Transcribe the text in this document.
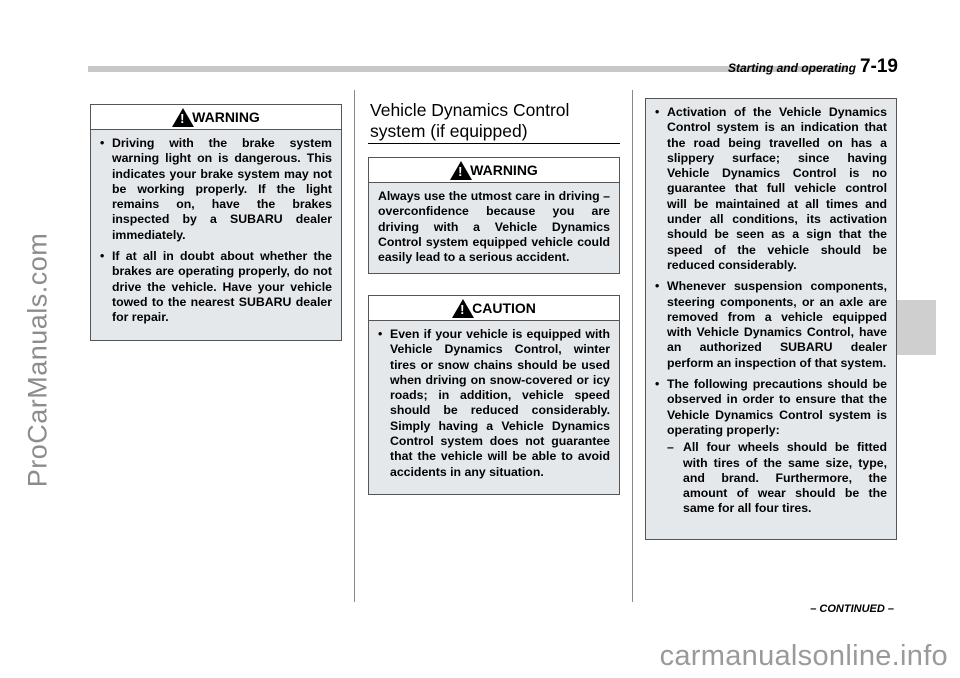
ProCarManuals.com
Starting and operating 7-19
!
WARNING
• Driving with the brake system warning light on is dangerous. This indicates your brake system may not be working properly. If the light remains on, have the brakes inspected by a SUBARU dealer immediately.
• If at all in doubt about whether the brakes are operating properly, do not drive the vehicle. Have your vehicle towed to the nearest SUBARU dealer for repair.
Vehicle Dynamics Control system (if equipped)
!
WARNING
Always use the utmost care in driving – overconfidence because you are driving with a Vehicle Dynamics Control system equipped vehicle could easily lead to a serious accident.
!
CAUTION
• Even if your vehicle is equipped with Vehicle Dynamics Control, winter tires or snow chains should be used when driving on snow-covered or icy roads; in addition, vehicle speed should be reduced considerably. Simply having a Vehicle Dynamics Control system does not guarantee that the vehicle will be able to avoid accidents in any situation.
• Activation of the Vehicle Dynamics Control system is an indication that the road being travelled on has a slippery surface; since having Vehicle Dynamics Control is no guarantee that full vehicle control will be maintained at all times and under all conditions, its activation should be seen as a sign that the speed of the vehicle should be reduced considerably.
• Whenever suspension components, steering components, or an axle are removed from a vehicle equipped with Vehicle Dynamics Control, have an authorized SUBARU dealer perform an inspection of that system.
• The following precautions should be observed in order to ensure that the Vehicle Dynamics Control system is operating properly:
– All four wheels should be fitted with tires of the same size, type, and brand. Furthermore, the amount of wear should be the same for all four tires.
– CONTINUED –
carmanualsonline.info
